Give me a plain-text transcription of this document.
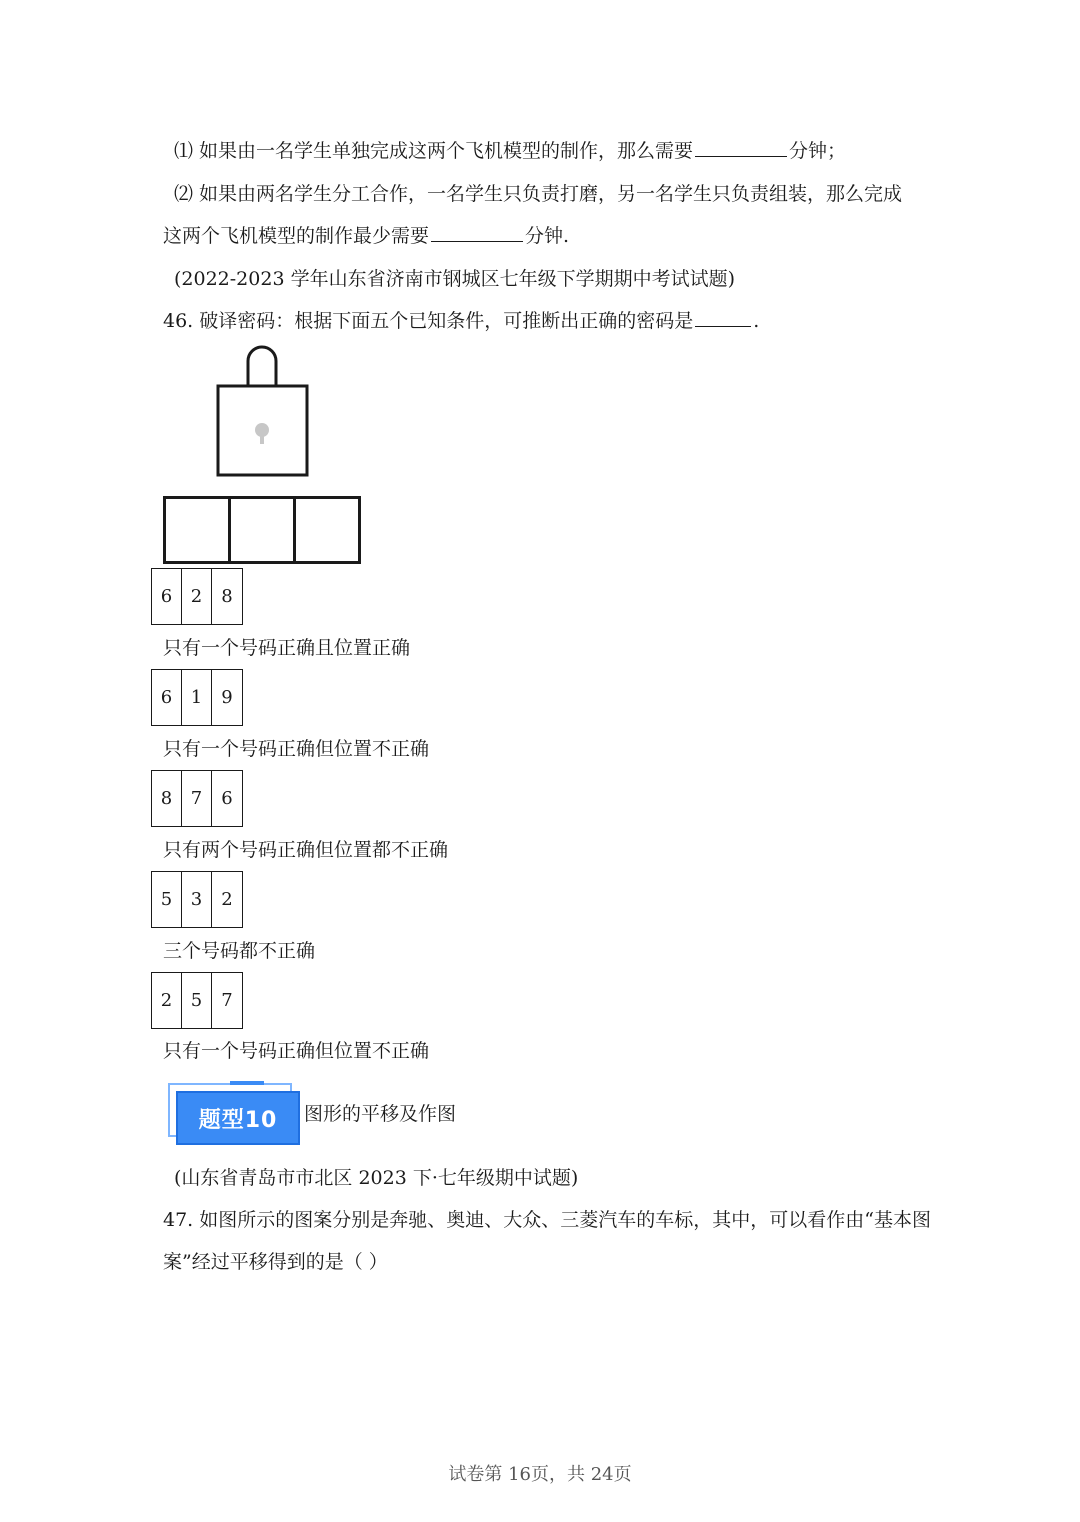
⑴ 如果由一名学生单独完成这两个飞机模型的制作，那么需要	分钟；
⑵ 如果由两名学生分工合作，一名学生只负责打磨，另一名学生只负责组装，那么完成
这两个飞机模型的制作最少需要	分钟.
(2022-2023 学年山东省济南市钢城区七年级下学期期中考试试题)
46. 破译密码：根据下面五个已知条件，可推断出正确的密码是	.
6	2	8
只有一个号码正确且位置正确
6	1	9
只有一个号码正确但位置不正确
8	7	6
只有两个号码正确但位置都不正确
5	3	2
三个号码都不正确
2	5	7
只有一个号码正确但位置不正确
题型10	图形的平移及作图
(山东省青岛市市北区 2023 下·七年级期中试题)
47. 如图所示的图案分别是奔驰、奥迪、大众、三菱汽车的车标，其中，可以看作由“基本图
案”经过平移得到的是（ ）
试卷第 16页，共 24页
